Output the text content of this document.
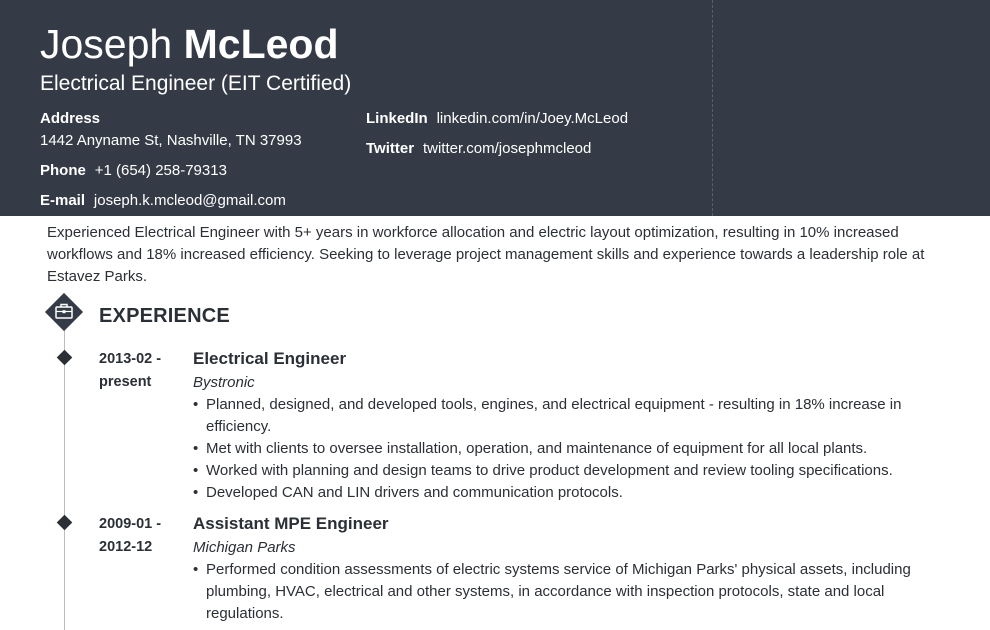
Joseph McLeod
Electrical Engineer (EIT Certified)
Address
1442 Anyname St, Nashville, TN 37993
Phone +1 (654) 258-79313
E-mail joseph.k.mcleod@gmail.com
LinkedIn linkedin.com/in/Joey.McLeod
Twitter twitter.com/josephmcleod
Experienced Electrical Engineer with 5+ years in workforce allocation and electric layout optimization, resulting in 10% increased workflows and 18% increased efficiency. Seeking to leverage project management skills and experience towards a leadership role at Estavez Parks.
EXPERIENCE
2013-02 -
present
Electrical Engineer
Bystronic
• Planned, designed, and developed tools, engines, and electrical equipment - resulting in 18% increase in efficiency.
• Met with clients to oversee installation, operation, and maintenance of equipment for all local plants.
• Worked with planning and design teams to drive product development and review tooling specifications.
• Developed CAN and LIN drivers and communication protocols.
2009-01 -
2012-12
Assistant MPE Engineer
Michigan Parks
• Performed condition assessments of electric systems service of Michigan Parks' physical assets, including plumbing, HVAC, electrical and other systems, in accordance with inspection protocols, state and local regulations.
